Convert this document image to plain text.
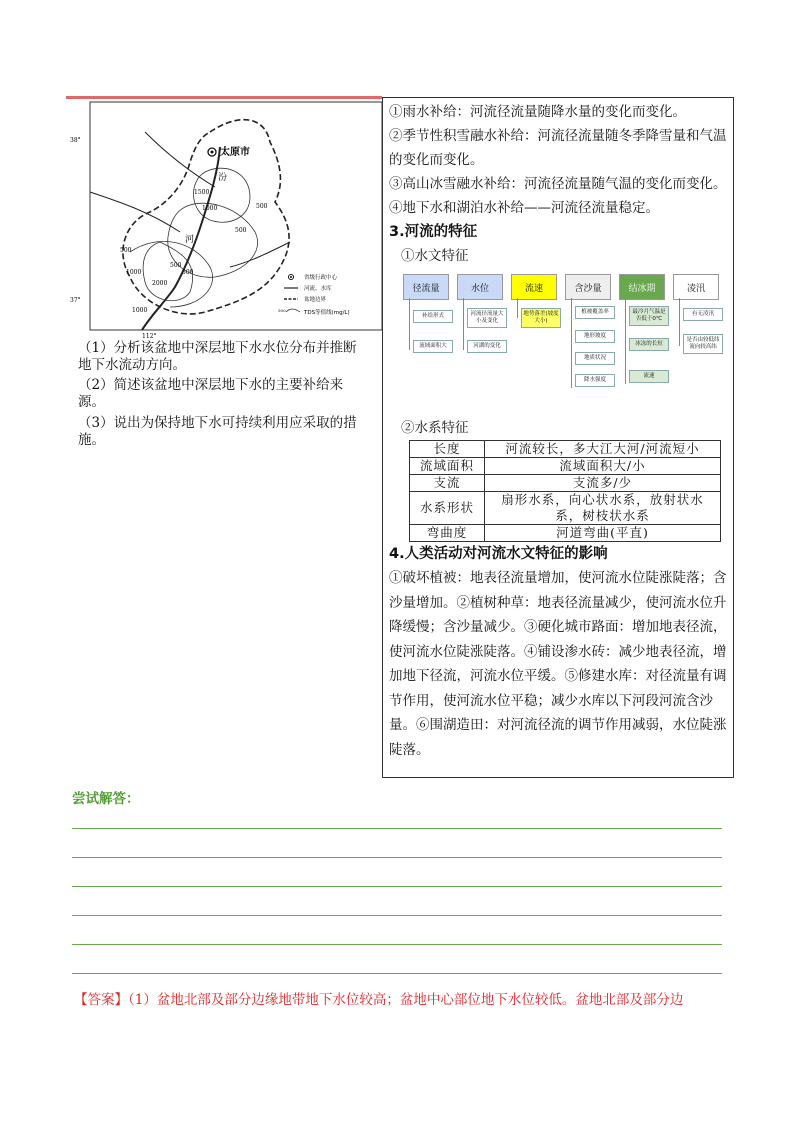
太原市
汾
河
1500
1000	500
500
500
1000
1000
2000
500
500
38°
37°
112°
省级行政中心
河流、水库
盆地边界
500	TDS等值线(mg/L)
（1）分析该盆地中深层地下水水位分布并推断地下水流动方向。
（2）简述该盆地中深层地下水的主要补给来源。
（3）说出为保持地下水可持续利用应采取的措施。
①雨水补给：河流径流量随降水量的变化而变化。
②季节性积雪融水补给：河流径流量随冬季降雪量和气温的变化而变化。
③高山冰雪融水补给：河流径流量随气温的变化而变化。
④地下水和湖泊水补给——河流径流量稳定。
3.河流的特征
①水文特征
径流量	水位	流速	含沙量	结冰期	凌汛
补给形式
流域面积大
河流径流量大小及变化
河湖的变化
地势落差(坡度大小)
植被覆盖率
地形坡度
地质状况
降水强度
最冷月气温是否低于0℃
冰冻的长短
流速
有无凌汛
是否由较低纬流向较高纬
②水系特征
长度	河流较长，多大江大河/河流短小
流域面积	流域面积大/小
支流	支流多/少
水系形状	扇形水系，向心状水系，放射状水系，树枝状水系
弯曲度	河道弯曲(平直)
4.人类活动对河流水文特征的影响
①破坏植被：地表径流量增加，使河流水位陡涨陡落；含沙量增加。②植树种草：地表径流量减少，使河流水位升降缓慢；含沙量减少。③硬化城市路面：增加地表径流，使河流水位陡涨陡落。④铺设渗水砖：减少地表径流，增加地下径流，河流水位平缓。⑤修建水库：对径流量有调节作用，使河流水位平稳；减少水库以下河段河流含沙量。⑥围湖造田：对河流径流的调节作用减弱，水位陡涨陡落。
尝试解答：
【答案】（1）盆地北部及部分边缘地带地下水位较高；盆地中心部位地下水位较低。盆地北部及部分边
